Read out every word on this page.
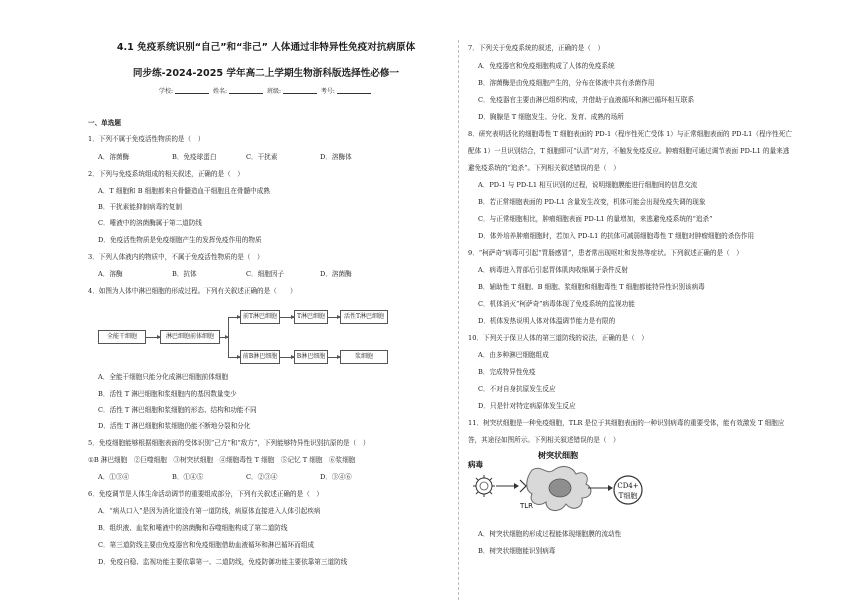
4.1 免疫系统识别“自己”和“非己” 人体通过非特异性免疫对抗病原体
同步练-2024-2025 学年高二上学期生物浙科版选择性必修一
学校:	姓名:	班级:	考号:
一、单选题
1．下列不属于免疫活性物质的是（　）
A．溶菌酶	B．免疫球蛋白	C．干扰素	D．溶酶体
2．下列与免疫系统组成的相关叙述，正确的是（　）
A．T 细胞和 B 细胞都来自骨髓造血干细胞且在骨髓中成熟
B．干扰素能抑制病毒的复制
C．唾液中的溶菌酶属于第二道防线
D．免疫活性物质是免疫细胞产生的发挥免疫作用的物质
3．下列人体液内的物质中，不属于免疫活性物质的是（　）
A．溶酶	B．抗体	C．细胞因子	D．溶菌酶
4．如图为人体中淋巴细胞的形成过程。下列有关叙述正确的是（　　）
全能干细胞	淋巴细胞前体细胞
前T淋巴细胞	T淋巴细胞	活性T淋巴细胞
前B淋巴细胞	B淋巴细胞	浆细胞
A．全能干细胞只能分化成淋巴细胞前体细胞
B．活性 T 淋巴细胞和浆细胞内的基因数量变少
C．活性 T 淋巴细胞和浆细胞的形态、结构和功能不同
D．活性 T 淋巴细胞和浆细胞仍能不断地分裂和分化
5．免疫细胞能够根据细胞表面的受体识别“己方”和“敌方”，下列能够特异性识别抗原的是（　）
①B 淋巴细胞　②巨噬细胞　③树突状细胞　④细胞毒性 T 细胞　⑤记忆 T 细胞　⑥浆细胞
A．①③④	B．①④⑤	C．②③④	D．③④⑥
6．免疫调节是人体生命活动调节的重要组成部分，下列有关叙述正确的是（　）
A．“病从口入”是因为消化道没有第一道防线，病原体直接进入人体引起疾病
B．组织液、血浆和唾液中的溶菌酶和吞噬细胞构成了第二道防线
C．第三道防线主要由免疫器官和免疫细胞借助血液循环和淋巴循环而组成
D．免疫自稳、监视功能主要依靠第一、二道防线，免疫防御功能主要依靠第三道防线
7．下列关于免疫系统的叙述，正确的是（　）
A．免疫器官和免疫细胞构成了人体的免疫系统
B．溶菌酶是由免疫细胞产生的，分布在体液中共有杀菌作用
C．免疫器官主要由淋巴组织构成，并借助于血液循环和淋巴循环相互联系
D．胸腺是 T 细胞发生、分化、发育、成熟的场所
8．研究表明活化的细胞毒性 T 细胞表面的 PD-1（程序性死亡受体 1）与正常细胞表面的 PD-L1（程序性死亡
配体 1）一旦识别结合，T 细胞即可“认清”对方，不触发免疫反应。肿瘤细胞可通过调节表面 PD-L1 的量来逃
避免疫系统的“追杀”。下列相关叙述错误的是（　）
A．PD-1 与 PD-L1 相互识别的过程，说明细胞膜能进行细胞间的信息交流
B．若正常细胞表面的 PD-L1 含量发生改变，机体可能会出现免疫失调的现象
C．与正常细胞相比，肿瘤细胞表面 PD-L1 的量增加，来逃避免疫系统的“追杀”
D．体外培养肿瘤细胞时，若加入 PD-L1 的抗体可减弱细胞毒性 T 细胞对肿瘤细胞的杀伤作用
9．“柯萨奇”病毒可引起“胃肠感冒”，患者常出现呕吐和发热等症状。下列叙述正确的是（　）
A．病毒进入胃部后引起胃体肌肉收缩属于条件反射
B．辅助性 T 细胞、B 细胞、浆细胞和细胞毒性 T 细胞都能特异性识别该病毒
C．机体消灭“柯萨奇”病毒体现了免疫系统的监视功能
D．机体发热说明人体对体温调节能力是有限的
10．下列关于保卫人体的第三道防线的说法，正确的是（　）
A．由多种淋巴细胞组成
B．完成特异性免疫
C．不对自身抗原发生反应
D．只是针对特定病原体发生反应
11．树突状细胞是一种免疫细胞，TLR 是位于其细胞表面的一种识别病毒的重要受体，能有效激发 T 细胞应
答，其途径如图所示。下列相关叙述错误的是（　）
树突状细胞
病毒
TLR
CD4+
T细胞
A．树突状细胞的形成过程能体现细胞膜的流动性
B．树突状细胞能识别病毒
